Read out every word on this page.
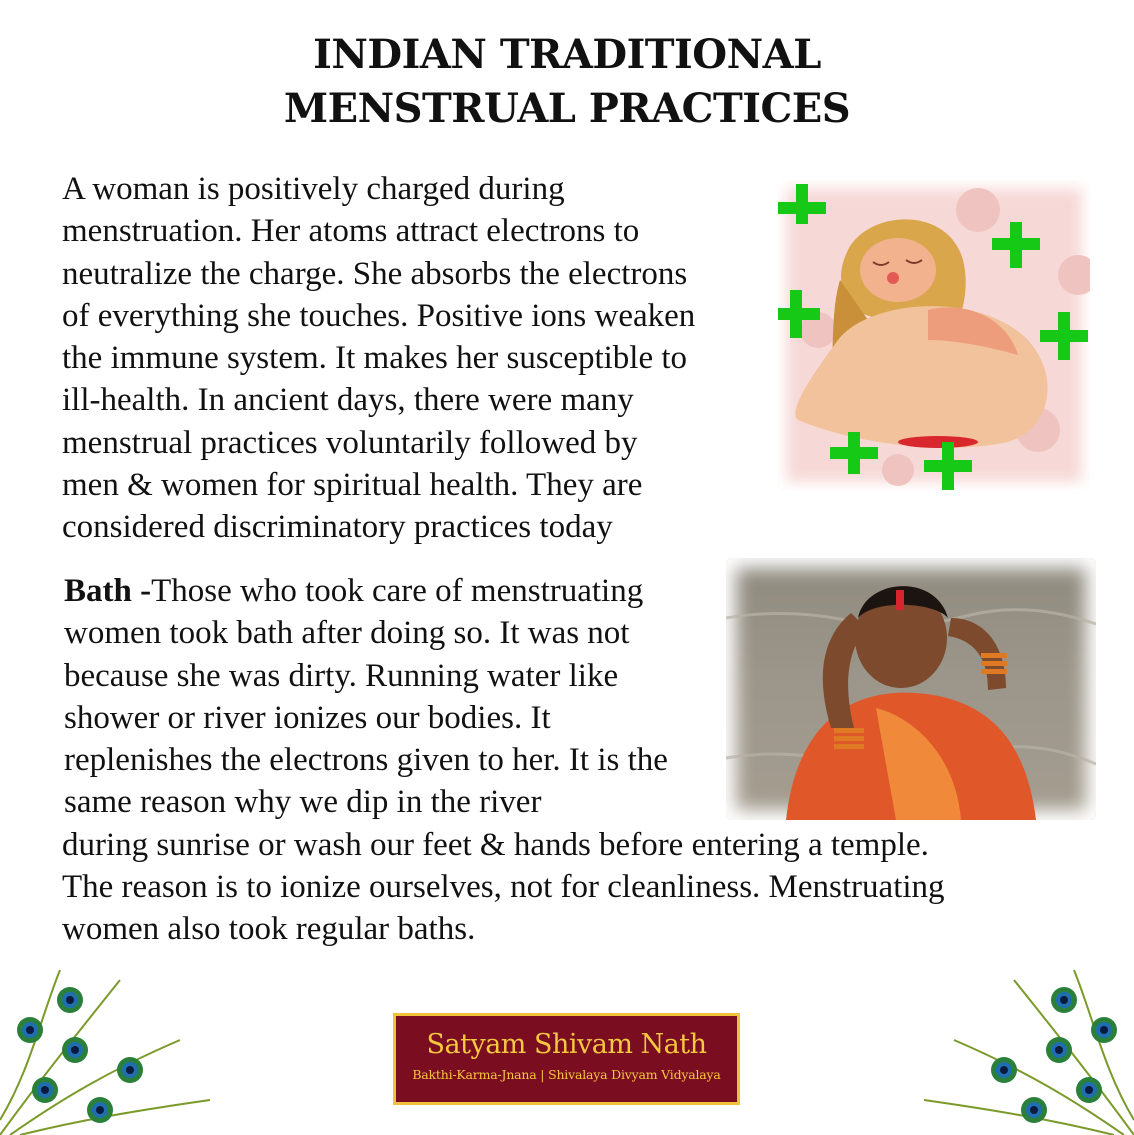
INDIAN TRADITIONAL
MENSTRUAL PRACTICES
A woman is positively charged during
menstruation. Her atoms attract electrons to
neutralize the charge. She absorbs the electrons
of everything she touches. Positive ions weaken
the immune system. It makes her susceptible to
ill-health. In ancient days, there were many
menstrual practices voluntarily followed by
men & women for spiritual health. They are
considered discriminatory practices today
Bath -Those who took care of menstruating
women took bath after doing so. It was not
because she was dirty. Running water like
shower or river ionizes our bodies. It
replenishes the electrons given to her. It is the
same reason why we dip in the river
during sunrise or wash our feet & hands before entering a temple.
The reason is to ionize ourselves, not for cleanliness. Menstruating
women also took regular baths.
Satyam Shivam Nath
Bakthi-Karma-Jnana | Shivalaya Divyam Vidyalaya
